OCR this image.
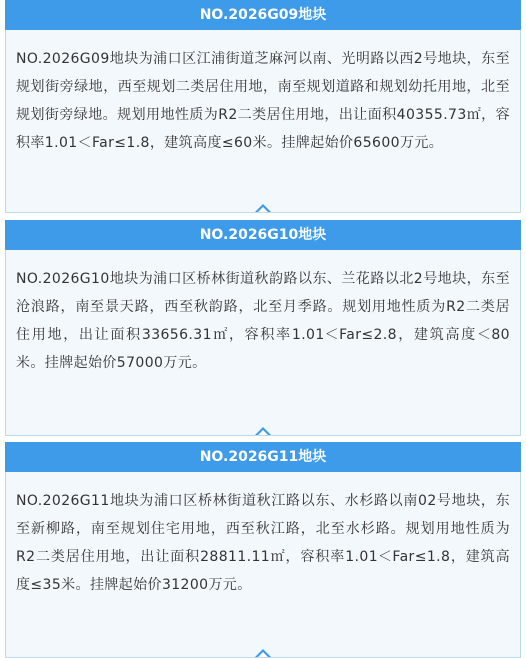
NO.2026G09地块
NO.2026G09地块为浦口区江浦街道芝麻河以南、光明路以西2号地块，东至规划街旁绿地，西至规划二类居住用地，南至规划道路和规划幼托用地，北至规划街旁绿地。规划用地性质为R2二类居住用地，出让面积40355.73㎡，容积率1.01＜Far≤1.8，建筑高度≤60米。挂牌起始价65600万元。
NO.2026G10地块
NO.2026G10地块为浦口区桥林街道秋韵路以东、兰花路以北2号地块，东至沧浪路，南至景天路，西至秋韵路，北至月季路。规划用地性质为R2二类居住用地，出让面积33656.31㎡，容积率1.01＜Far≤2.8，建筑高度＜80米。挂牌起始价57000万元。
NO.2026G11地块
NO.2026G11地块为浦口区桥林街道秋江路以东、水杉路以南02号地块，东至新柳路，南至规划住宅用地，西至秋江路，北至水杉路。规划用地性质为R2二类居住用地，出让面积28811.11㎡，容积率1.01＜Far≤1.8，建筑高度≤35米。挂牌起始价31200万元。
